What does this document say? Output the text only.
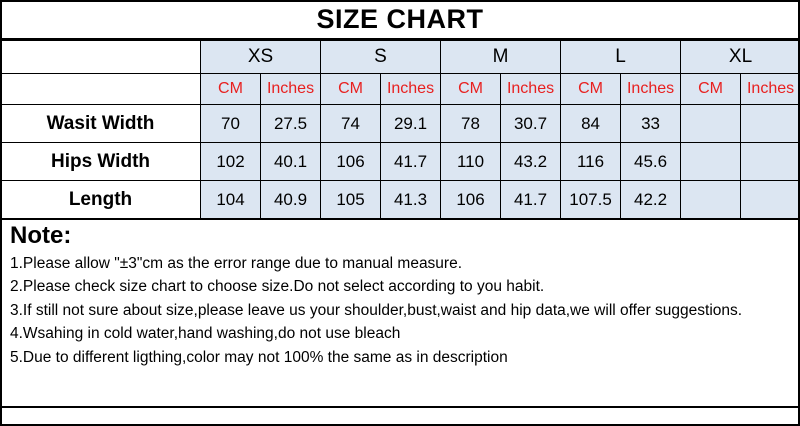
SIZE CHART
	XS		S		M		L		XL	
	CM	Inches	CM	Inches	CM	Inches	CM	Inches	CM	Inches
Wasit Width	70	27.5	74	29.1	78	30.7	84	33		
Hips Width	102	40.1	106	41.7	110	43.2	116	45.6		
Length	104	40.9	105	41.3	106	41.7	107.5	42.2		
Note:
1.Please allow "±3"cm as the error range due to manual measure.
2.Please check size chart to choose size.Do not select according to you habit.
3.If still not sure about size,please leave us your shoulder,bust,waist and hip data,we will offer suggestions.
4.Wsahing in cold water,hand washing,do not use bleach
5.Due to different ligthing,color may not 100% the same as in description
